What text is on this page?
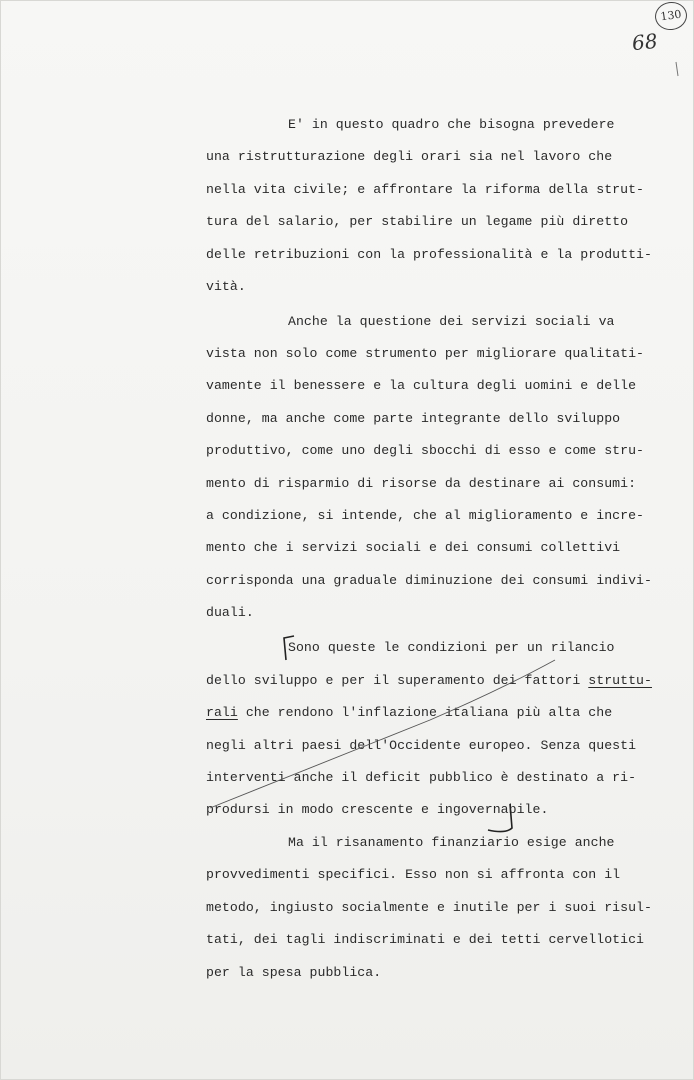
130
68

E' in questo quadro che bisogna prevedere

una ristrutturazione degli orari sia nel lavoro che

nella vita civile; e affrontare la riforma della strut-

tura del salario, per stabilire un legame più diretto

delle retribuzioni con la professionalità e la produtti-

vità.

Anche la questione dei servizi sociali va

vista non solo come strumento per migliorare qualitati-

vamente il benessere e la cultura degli uomini e delle

donne, ma anche come parte integrante dello sviluppo

produttivo, come uno degli sbocchi di esso e come stru-

mento di risparmio di risorse da destinare ai consumi:

a condizione, si intende, che al miglioramento e incre-

mento che i servizi sociali e dei consumi collettivi

corrisponda una graduale diminuzione dei consumi indivi-

duali.

Sono queste le condizioni per un rilancio

dello sviluppo e per il superamento dei fattori struttu-

rali che rendono l'inflazione italiana più alta che

negli altri paesi dell'Occidente europeo. Senza questi

interventi anche il deficit pubblico è destinato a ri-

prodursi in modo crescente e ingovernabile.

Ma il risanamento finanziario esige anche

provvedimenti specifici. Esso non si affronta con il

metodo, ingiusto socialmente e inutile per i suoi risul-

tati, dei tagli indiscriminati e dei tetti cervellotici

per la spesa pubblica.
